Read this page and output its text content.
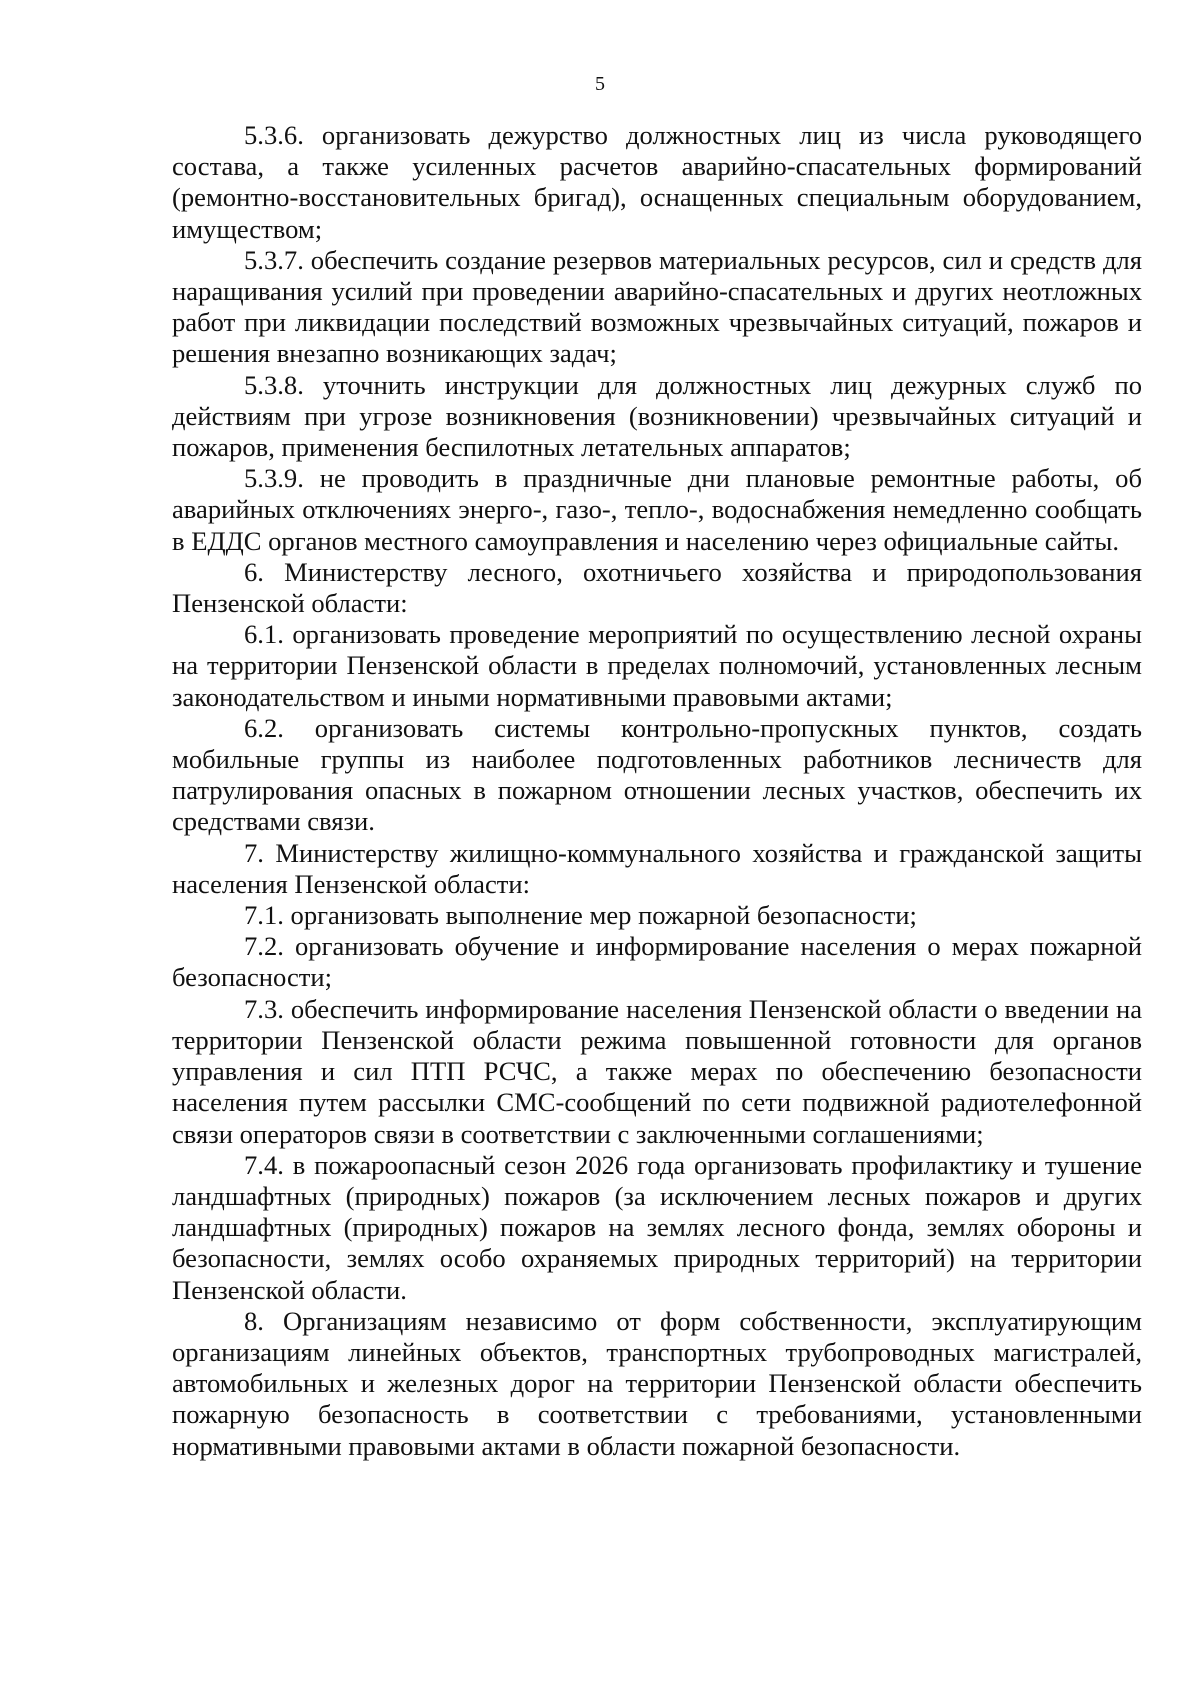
5

5.3.6. организовать дежурство должностных лиц из числа руководящего состава, а также усиленных расчетов аварийно-спасательных формирований (ремонтно-восстановительных бригад), оснащенных специальным оборудованием, имуществом;

5.3.7. обеспечить создание резервов материальных ресурсов, сил и средств для наращивания усилий при проведении аварийно-спасательных и других неотложных работ при ликвидации последствий возможных чрезвычайных ситуаций, пожаров и решения внезапно возникающих задач;

5.3.8. уточнить инструкции для должностных лиц дежурных служб по действиям при угрозе возникновения (возникновении) чрезвычайных ситуаций и пожаров, применения беспилотных летательных аппаратов;

5.3.9. не проводить в праздничные дни плановые ремонтные работы, об аварийных отключениях энерго-, газо-, тепло-, водоснабжения немедленно сообщать в ЕДДС органов местного самоуправления и населению через официальные сайты.

6. Министерству лесного, охотничьего хозяйства и природопользования Пензенской области:

6.1. организовать проведение мероприятий по осуществлению лесной охраны на территории Пензенской области в пределах полномочий, установленных лесным законодательством и иными нормативными правовыми актами;

6.2. организовать системы контрольно-пропускных пунктов, создать мобильные группы из наиболее подготовленных работников лесничеств для патрулирования опасных в пожарном отношении лесных участков, обеспечить их средствами связи.

7. Министерству жилищно-коммунального хозяйства и гражданской защиты населения Пензенской области:

7.1. организовать выполнение мер пожарной безопасности;

7.2. организовать обучение и информирование населения о мерах пожарной безопасности;

7.3. обеспечить информирование населения Пензенской области о введении на территории Пензенской области режима повышенной готовности для органов управления и сил ПТП РСЧС, а также мерах по обеспечению безопасности населения путем рассылки СМС-сообщений по сети подвижной радиотелефонной связи операторов связи в соответствии с заключенными соглашениями;

7.4. в пожароопасный сезон 2026 года организовать профилактику и тушение ландшафтных (природных) пожаров (за исключением лесных пожаров и других ландшафтных (природных) пожаров на землях лесного фонда, землях обороны и безопасности, землях особо охраняемых природных территорий) на территории Пензенской области.

8. Организациям независимо от форм собственности, эксплуатирующим организациям линейных объектов, транспортных трубопроводных магистралей, автомобильных и железных дорог на территории Пензенской области обеспечить пожарную безопасность в соответствии с требованиями, установленными нормативными правовыми актами в области пожарной безопасности.
